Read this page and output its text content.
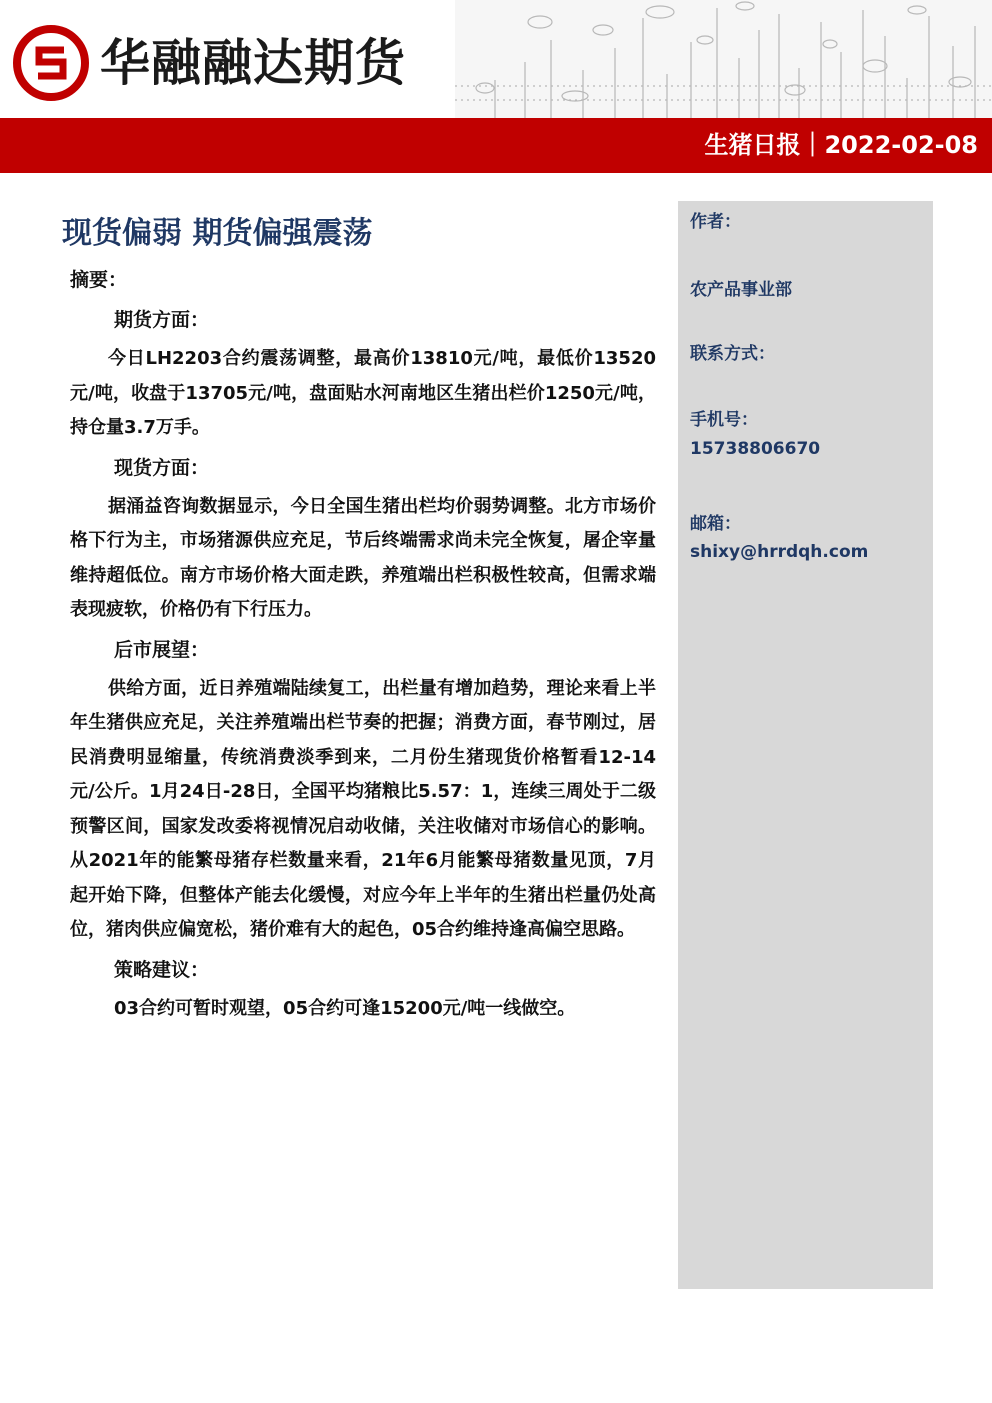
华融融达期货
生猪日报｜2022-02-08
作者：
农产品事业部
联系方式：
手机号：
15738806670
邮箱：
shixy@hrrdqh.com
现货偏弱 期货偏强震荡
摘要：
期货方面：

今日LH2203合约震荡调整，最高价13810元/吨，最低价13520元/吨，收盘于13705元/吨，盘面贴水河南地区生猪出栏价1250元/吨，持仓量3.7万手。

现货方面：

据涌益咨询数据显示，今日全国生猪出栏均价弱势调整。北方市场价格下行为主，市场猪源供应充足，节后终端需求尚未完全恢复，屠企宰量维持超低位。南方市场价格大面走跌，养殖端出栏积极性较高，但需求端表现疲软，价格仍有下行压力。

后市展望：

供给方面，近日养殖端陆续复工，出栏量有增加趋势，理论来看上半年生猪供应充足，关注养殖端出栏节奏的把握；消费方面，春节刚过，居民消费明显缩量，传统消费淡季到来，二月份生猪现货价格暂看12-14元/公斤。1月24日-28日，全国平均猪粮比5.57：1，连续三周处于二级预警区间，国家发改委将视情况启动收储，关注收储对市场信心的影响。从2021年的能繁母猪存栏数量来看，21年6月能繁母猪数量见顶，7月起开始下降，但整体产能去化缓慢，对应今年上半年的生猪出栏量仍处高位，猪肉供应偏宽松，猪价难有大的起色，05合约维持逢高偏空思路。

策略建议：

03合约可暂时观望，05合约可逢15200元/吨一线做空。
